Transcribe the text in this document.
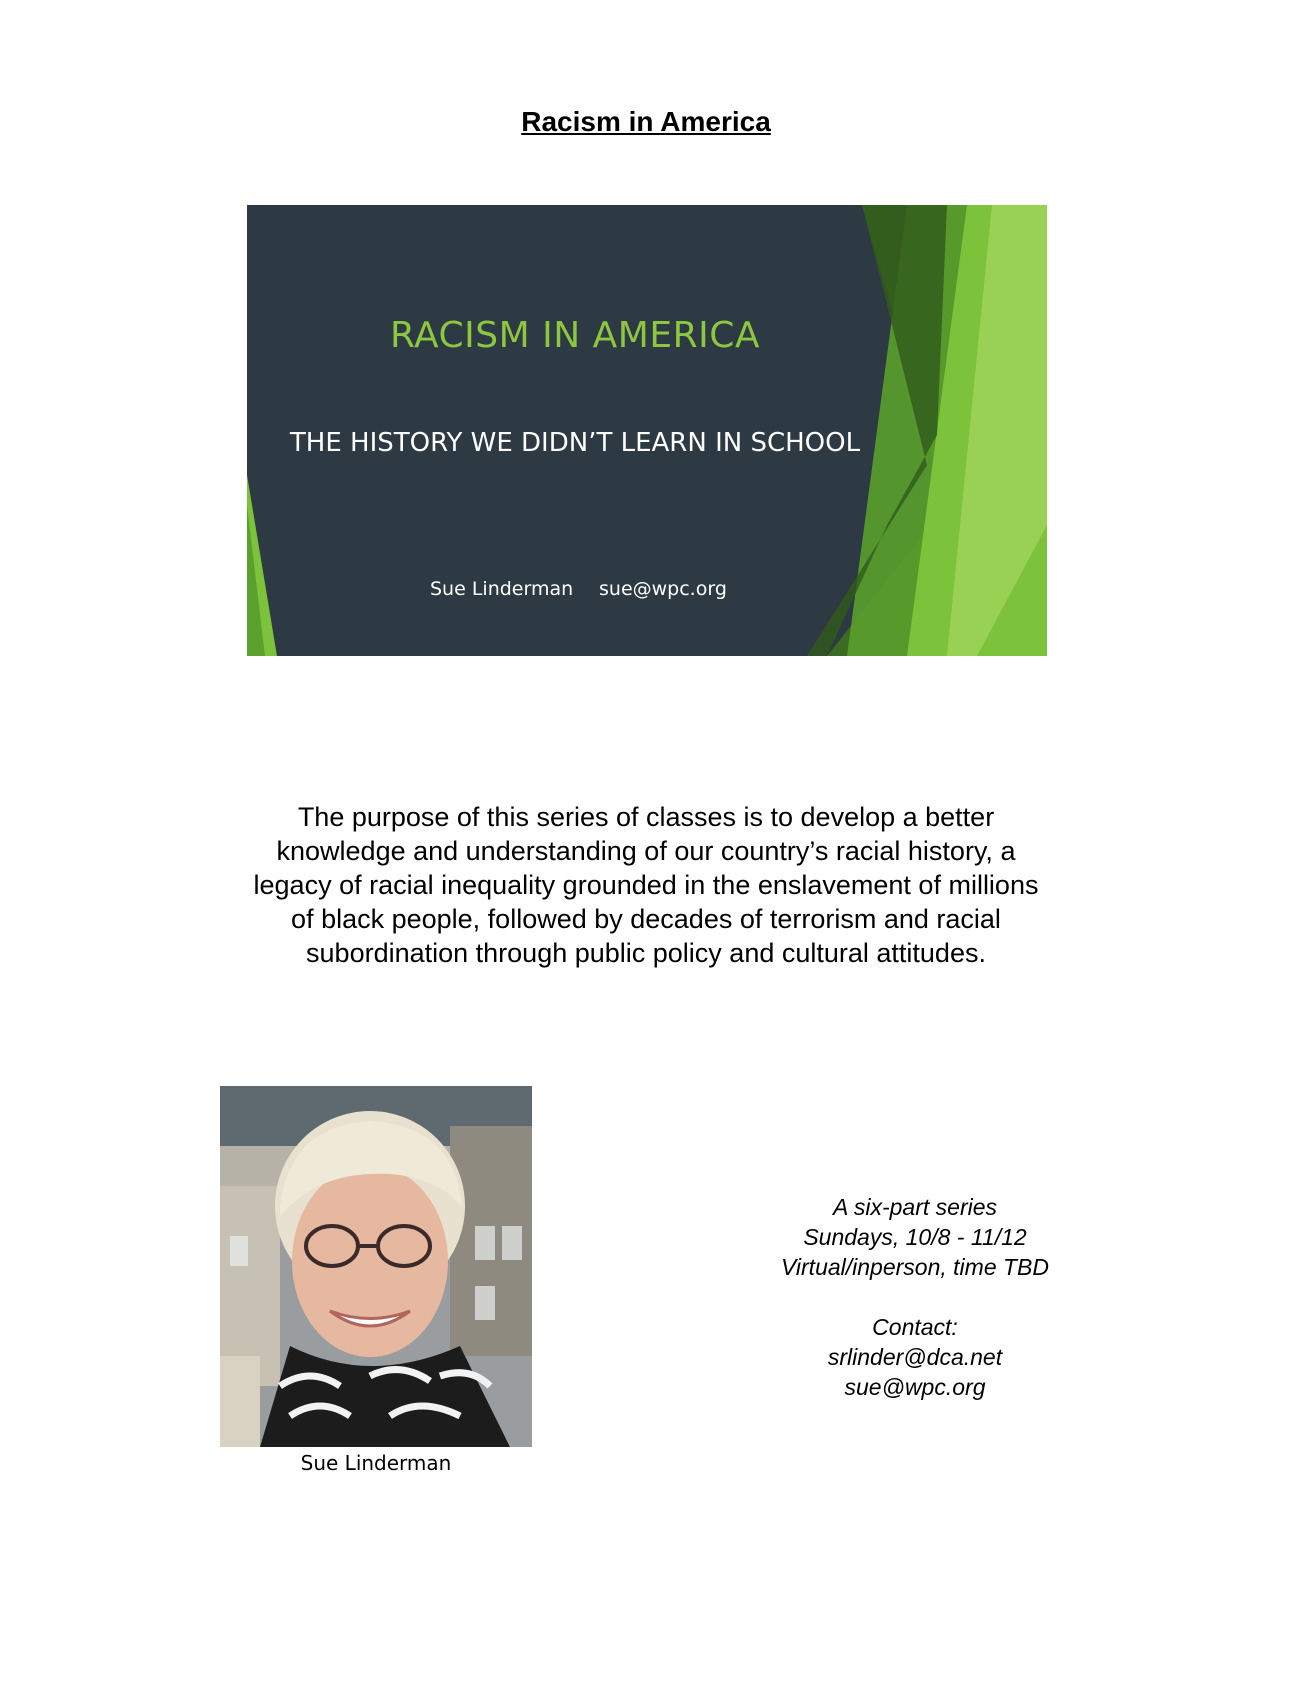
Racism in America
RACISM IN AMERICA
THE HISTORY WE DIDN’T LEARN IN SCHOOL
Sue Linderman sue@wpc.org

The purpose of this series of classes is to develop a better knowledge and understanding of our country’s racial history, a legacy of racial inequality grounded in the enslavement of millions of black people, followed by decades of terrorism and racial subordination through public policy and cultural attitudes.

Sue Linderman
A six-part series
Sundays, 10/8 - 11/12
Virtual/inperson, time TBD
Contact:
srlinder@dca.net
sue@wpc.org
